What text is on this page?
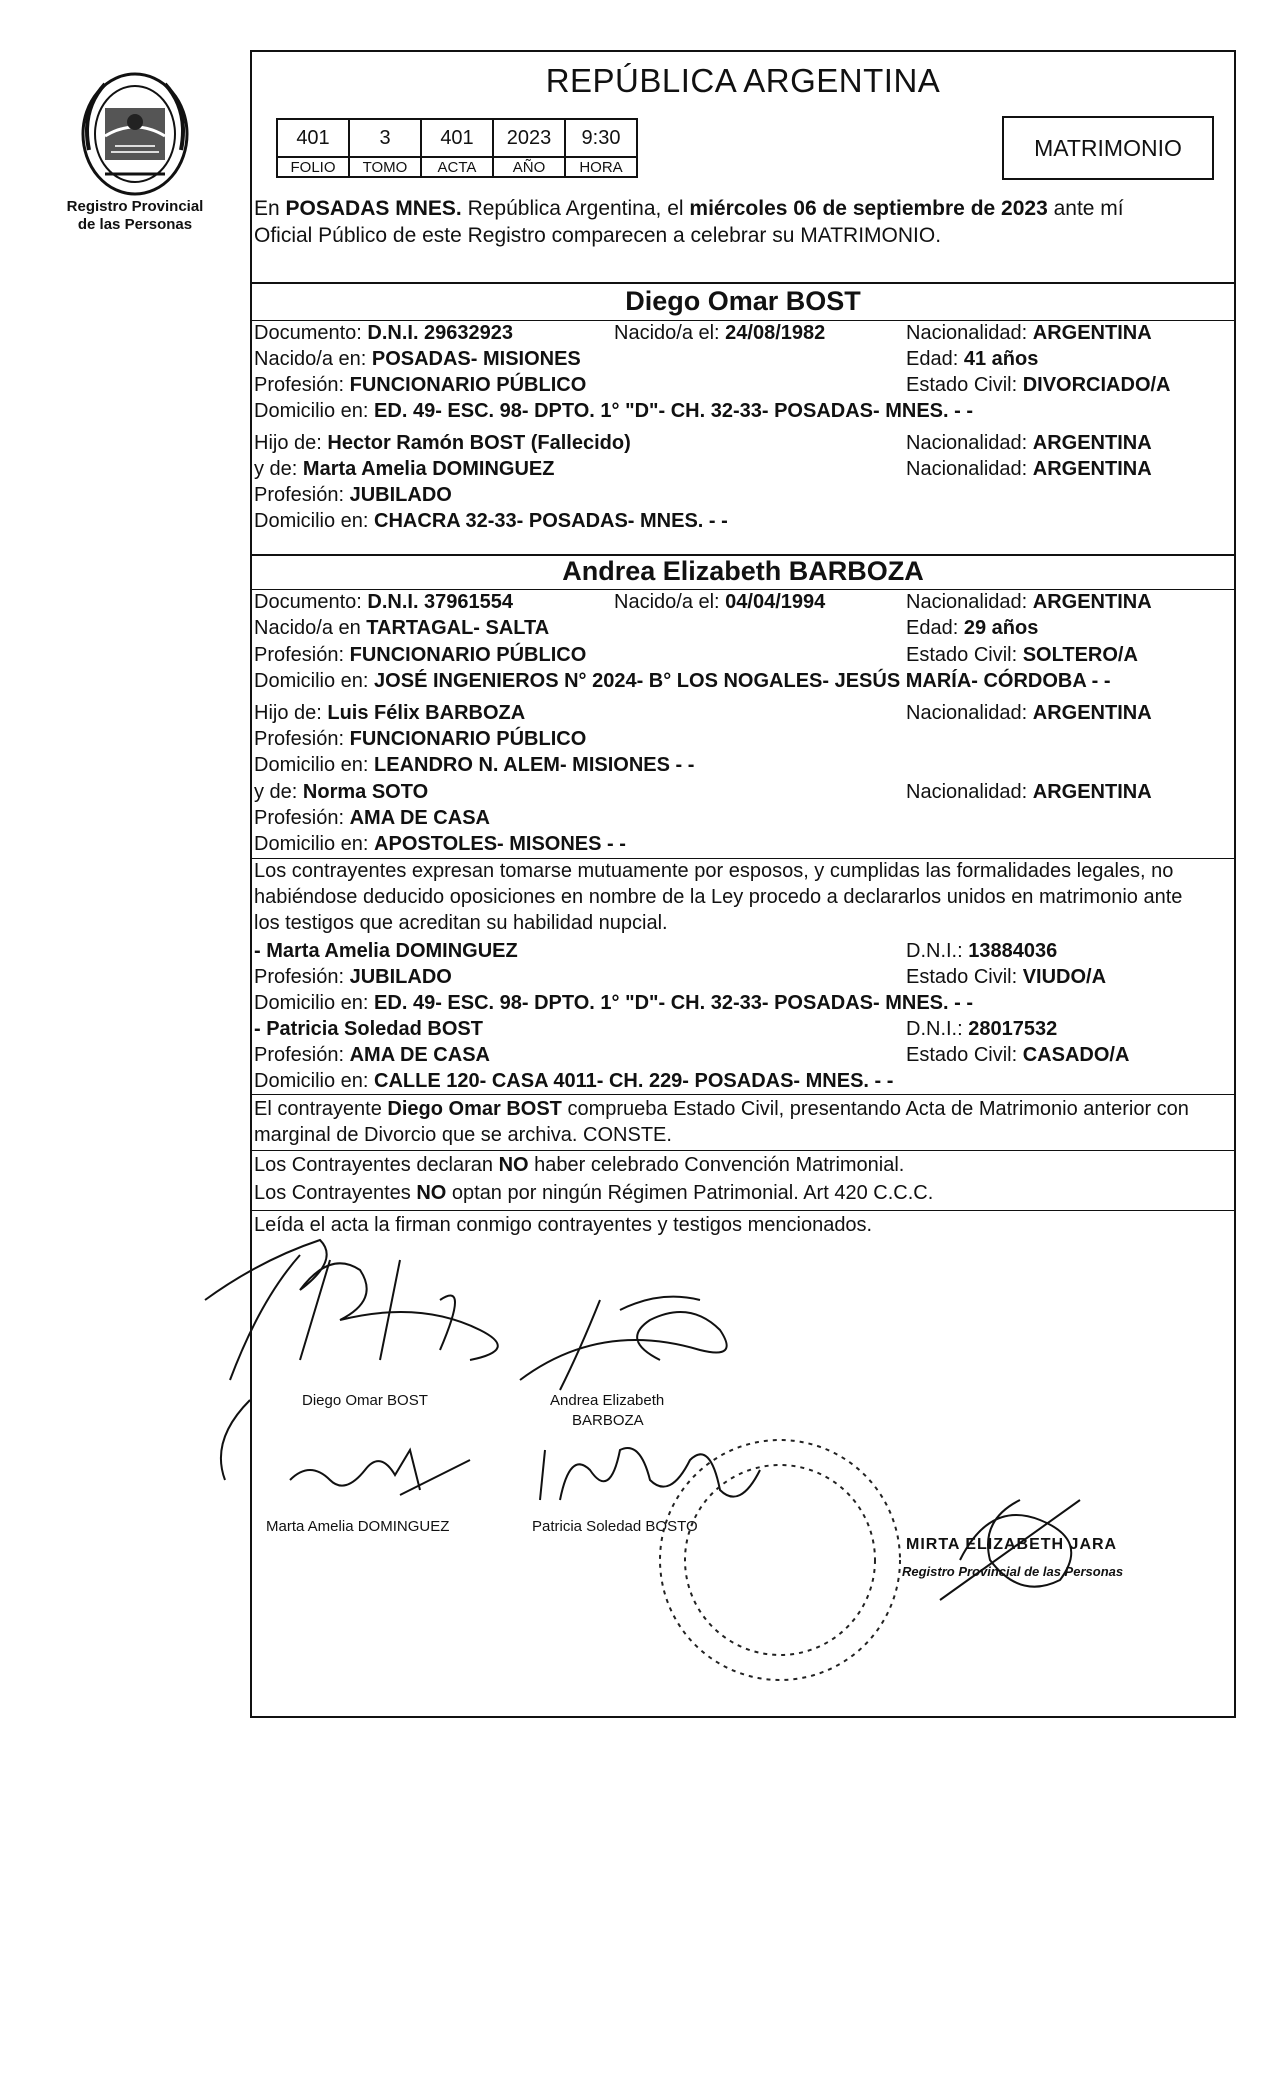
Registro Provincial
de las Personas
REPÚBLICA ARGENTINA
401	3	401	2023	9:30
FOLIO	TOMO	ACTA	AÑO	HORA
MATRIMONIO
En POSADAS MNES. República Argentina, el miércoles 06 de septiembre de 2023 ante mí
Oficial Público de este Registro comparecen a celebrar su MATRIMONIO.
Diego Omar BOST
Documento: D.N.I. 29632923	Nacido/a el: 24/08/1982	Nacionalidad: ARGENTINA
Nacido/a en: POSADAS- MISIONES	Edad: 41 años
Profesión: FUNCIONARIO PÚBLICO	Estado Civil: DIVORCIADO/A
Domicilio en: ED. 49- ESC. 98- DPTO. 1° "D"- CH. 32-33- POSADAS- MNES. - -
Hijo de: Hector Ramón BOST (Fallecido)	Nacionalidad: ARGENTINA
y de: Marta Amelia DOMINGUEZ	Nacionalidad: ARGENTINA
Profesión: JUBILADO
Domicilio en: CHACRA 32-33- POSADAS- MNES. - -
Andrea Elizabeth BARBOZA
Documento: D.N.I. 37961554	Nacido/a el: 04/04/1994	Nacionalidad: ARGENTINA
Nacido/a en TARTAGAL- SALTA	Edad: 29 años
Profesión: FUNCIONARIO PÚBLICO	Estado Civil: SOLTERO/A
Domicilio en: JOSÉ INGENIEROS N° 2024- B° LOS NOGALES- JESÚS MARÍA- CÓRDOBA - -
Hijo de: Luis Félix BARBOZA	Nacionalidad: ARGENTINA
Profesión: FUNCIONARIO PÚBLICO
Domicilio en: LEANDRO N. ALEM- MISIONES - -
y de: Norma SOTO	Nacionalidad: ARGENTINA
Profesión: AMA DE CASA
Domicilio en: APOSTOLES- MISONES - -
Los contrayentes expresan tomarse mutuamente por esposos, y cumplidas las formalidades legales, no
habiéndose deducido oposiciones en nombre de la Ley procedo a declararlos unidos en matrimonio ante
los testigos que acreditan su habilidad nupcial.
- Marta Amelia DOMINGUEZ	D.N.I.: 13884036
Profesión: JUBILADO	Estado Civil: VIUDO/A
Domicilio en: ED. 49- ESC. 98- DPTO. 1° "D"- CH. 32-33- POSADAS- MNES. - -
- Patricia Soledad BOST	D.N.I.: 28017532
Profesión: AMA DE CASA	Estado Civil: CASADO/A
Domicilio en: CALLE 120- CASA 4011- CH. 229- POSADAS- MNES. - -
El contrayente Diego Omar BOST comprueba Estado Civil, presentando Acta de Matrimonio anterior con
marginal de Divorcio que se archiva. CONSTE.
Los Contrayentes declaran NO haber celebrado Convención Matrimonial.
Los Contrayentes NO optan por ningún Régimen Patrimonial. Art 420 C.C.C.
Leída el acta la firman conmigo contrayentes y testigos mencionados.
Diego Omar BOST	Andrea Elizabeth
BARBOZA
Marta Amelia DOMINGUEZ	Patricia Soledad BOSTO
MIRTA ELIZABETH JARA
Registro Provincial de las Personas
